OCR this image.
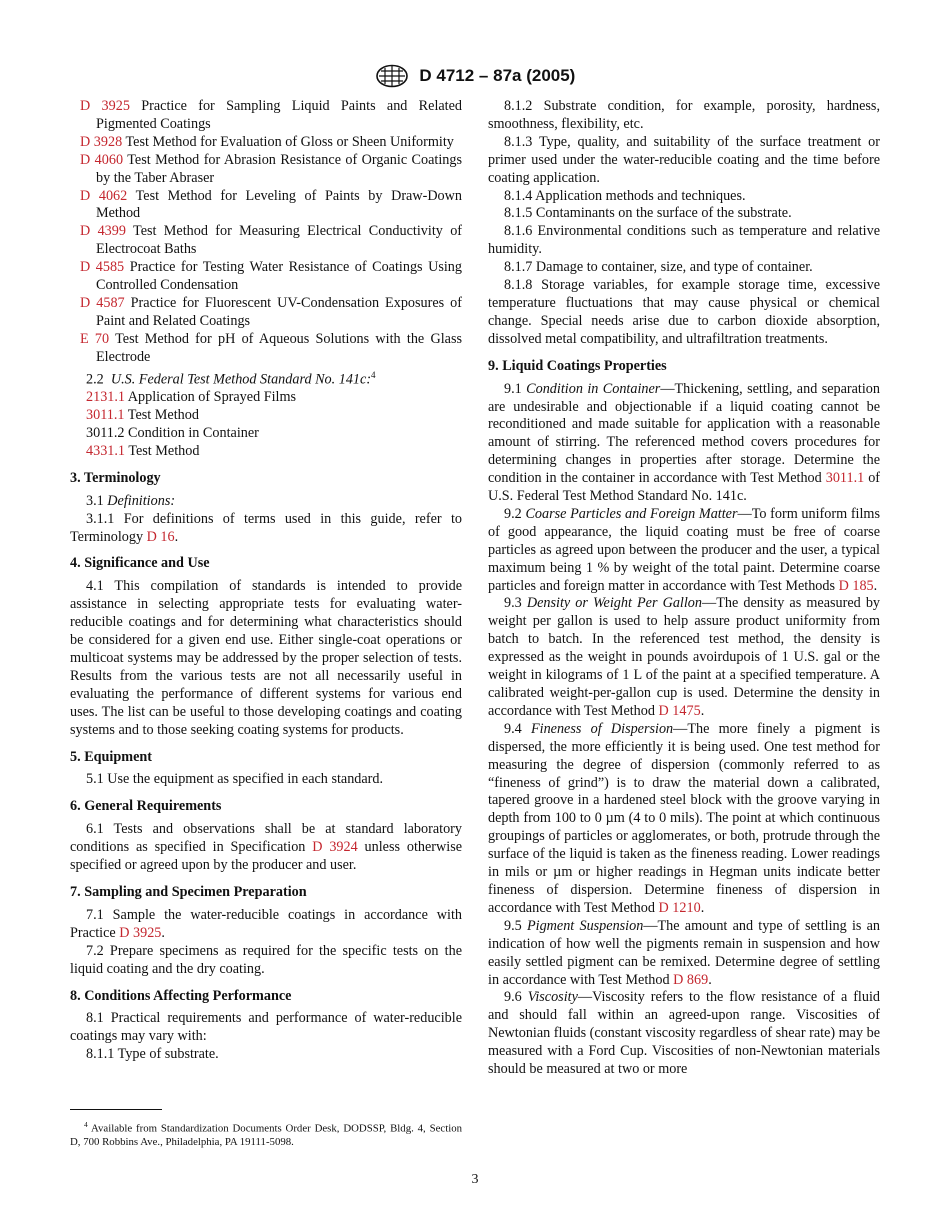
D 4712 – 87a (2005)

D 3925 Practice for Sampling Liquid Paints and Related Pigmented Coatings

D 3928 Test Method for Evaluation of Gloss or Sheen Uniformity

D 4060 Test Method for Abrasion Resistance of Organic Coatings by the Taber Abraser

D 4062 Test Method for Leveling of Paints by Draw-Down Method

D 4399 Test Method for Measuring Electrical Conductivity of Electrocoat Baths

D 4585 Practice for Testing Water Resistance of Coatings Using Controlled Condensation

D 4587 Practice for Fluorescent UV-Condensation Exposures of Paint and Related Coatings

E 70 Test Method for pH of Aqueous Solutions with the Glass Electrode

2.2 U.S. Federal Test Method Standard No. 141c:$^4$

2131.1 Application of Sprayed Films

3011.1 Test Method

3011.2 Condition in Container

4331.1 Test Method

3. Terminology

3.1 Definitions:

3.1.1 For definitions of terms used in this guide, refer to Terminology D 16.

4. Significance and Use

4.1 This compilation of standards is intended to provide assistance in selecting appropriate tests for evaluating water-reducible coatings and for determining what characteristics should be considered for a given end use. Either single-coat operations or multicoat systems may be addressed by the proper selection of tests. Results from the various tests are not all necessarily useful in evaluating the performance of different systems for various end uses. The list can be useful to those developing coatings and coating systems and to those seeking coating systems for products.

5. Equipment

5.1 Use the equipment as specified in each standard.

6. General Requirements

6.1 Tests and observations shall be at standard laboratory conditions as specified in Specification D 3924 unless otherwise specified or agreed upon by the producer and user.

7. Sampling and Specimen Preparation

7.1 Sample the water-reducible coatings in accordance with Practice D 3925.

7.2 Prepare specimens as required for the specific tests on the liquid coating and the dry coating.

8. Conditions Affecting Performance

8.1 Practical requirements and performance of water-reducible coatings may vary with:

8.1.1 Type of substrate.

$^4$ Available from Standardization Documents Order Desk, DODSSP, Bldg. 4, Section D, 700 Robbins Ave., Philadelphia, PA 19111-5098.

8.1.2 Substrate condition, for example, porosity, hardness, smoothness, flexibility, etc.

8.1.3 Type, quality, and suitability of the surface treatment or primer used under the water-reducible coating and the time before coating application.

8.1.4 Application methods and techniques.

8.1.5 Contaminants on the surface of the substrate.

8.1.6 Environmental conditions such as temperature and relative humidity.

8.1.7 Damage to container, size, and type of container.

8.1.8 Storage variables, for example storage time, excessive temperature fluctuations that may cause physical or chemical change. Special needs arise due to carbon dioxide absorption, dissolved metal compatibility, and ultrafiltration treatments.

9. Liquid Coatings Properties

9.1 Condition in Container—Thickening, settling, and separation are undesirable and objectionable if a liquid coating cannot be reconditioned and made suitable for application with a reasonable amount of stirring. The referenced method covers procedures for determining changes in properties after storage. Determine the condition in the container in accordance with Test Method 3011.1 of U.S. Federal Test Method Standard No. 141c.

9.2 Coarse Particles and Foreign Matter—To form uniform films of good appearance, the liquid coating must be free of coarse particles as agreed upon between the producer and the user, a typical maximum being 1 % by weight of the total paint. Determine coarse particles and foreign matter in accordance with Test Methods D 185.

9.3 Density or Weight Per Gallon—The density as measured by weight per gallon is used to help assure product uniformity from batch to batch. In the referenced test method, the density is expressed as the weight in pounds avoirdupois of 1 U.S. gal or the weight in kilograms of 1 L of the paint at a specified temperature. A calibrated weight-per-gallon cup is used. Determine the density in accordance with Test Method D 1475.

9.4 Fineness of Dispersion—The more finely a pigment is dispersed, the more efficiently it is being used. One test method for measuring the degree of dispersion (commonly referred to as “fineness of grind”) is to draw the material down a calibrated, tapered groove in a hardened steel block with the groove varying in depth from 100 to 0 µm (4 to 0 mils). The point at which continuous groupings of particles or agglomerates, or both, protrude through the surface of the liquid is taken as the fineness reading. Lower readings in mils or µm or higher readings in Hegman units indicate better fineness of dispersion. Determine fineness of dispersion in accordance with Test Method D 1210.

9.5 Pigment Suspension—The amount and type of settling is an indication of how well the pigments remain in suspension and how easily settled pigment can be remixed. Determine degree of settling in accordance with Test Method D 869.

9.6 Viscosity—Viscosity refers to the flow resistance of a fluid and should fall within an agreed-upon range. Viscosities of Newtonian fluids (constant viscosity regardless of shear rate) may be measured with a Ford Cup. Viscosities of non-Newtonian materials should be measured at two or more

3
